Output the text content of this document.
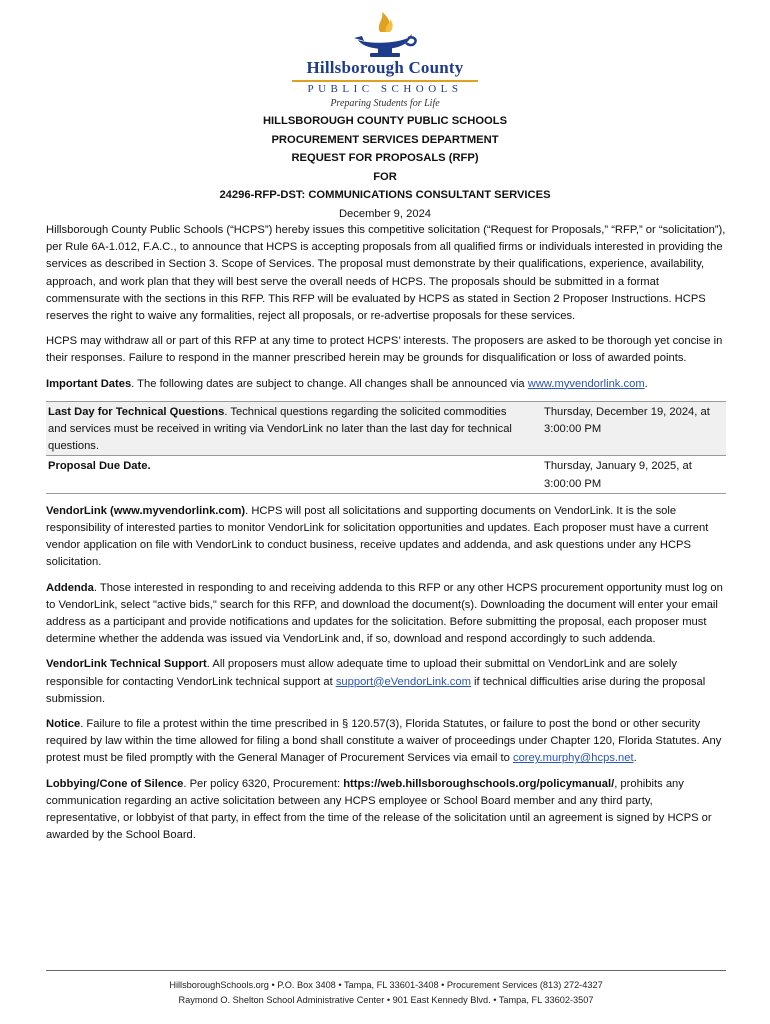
Hillsborough County
PUBLIC SCHOOLS
Preparing Students for Life
HILLSBOROUGH COUNTY PUBLIC SCHOOLS
PROCUREMENT SERVICES DEPARTMENT
REQUEST FOR PROPOSALS (RFP)
FOR
24296-RFP-DST: COMMUNICATIONS CONSULTANT SERVICES
December 9, 2024

Hillsborough County Public Schools (“HCPS”) hereby issues this competitive solicitation (“Request for Proposals,” “RFP,” or “solicitation”), per Rule 6A-1.012, F.A.C., to announce that HCPS is accepting proposals from all qualified firms or individuals interested in providing the services as described in Section 3. Scope of Services. The proposal must demonstrate by their qualifications, experience, availability, approach, and work plan that they will best serve the overall needs of HCPS. The proposals should be submitted in a format commensurate with the sections in this RFP. This RFP will be evaluated by HCPS as stated in Section 2 Proposer Instructions. HCPS reserves the right to waive any formalities, reject all proposals, or re-advertise proposals for these services.

HCPS may withdraw all or part of this RFP at any time to protect HCPS’ interests. The proposers are asked to be thorough yet concise in their responses. Failure to respond in the manner prescribed herein may be grounds for disqualification or loss of awarded points.

Important Dates. The following dates are subject to change. All changes shall be announced via www.myvendorlink.com.

Last Day for Technical Questions. Technical questions regarding the solicited commodities and services must be received in writing via VendorLink no later than the last day for technical questions.	Thursday, December 19, 2024, at 3:00:00 PM
Proposal Due Date.	Thursday, January 9, 2025, at 3:00:00 PM

VendorLink (www.myvendorlink.com). HCPS will post all solicitations and supporting documents on VendorLink. It is the sole responsibility of interested parties to monitor VendorLink for solicitation opportunities and updates. Each proposer must have a current vendor application on file with VendorLink to conduct business, receive updates and addenda, and ask questions under any HCPS solicitation.

Addenda. Those interested in responding to and receiving addenda to this RFP or any other HCPS procurement opportunity must log on to VendorLink, select "active bids," search for this RFP, and download the document(s). Downloading the document will enter your email address as a participant and provide notifications and updates for the solicitation. Before submitting the proposal, each proposer must determine whether the addenda was issued via VendorLink and, if so, download and respond accordingly to such addenda.

VendorLink Technical Support. All proposers must allow adequate time to upload their submittal on VendorLink and are solely responsible for contacting VendorLink technical support at support@eVendorLink.com if technical difficulties arise during the proposal submission.

Notice. Failure to file a protest within the time prescribed in § 120.57(3), Florida Statutes, or failure to post the bond or other security required by law within the time allowed for filing a bond shall constitute a waiver of proceedings under Chapter 120, Florida Statutes. Any protest must be filed promptly with the General Manager of Procurement Services via email to corey.murphy@hcps.net.

Lobbying/Cone of Silence. Per policy 6320, Procurement: https://web.hillsboroughschools.org/policymanual/, prohibits any communication regarding an active solicitation between any HCPS employee or School Board member and any third party, representative, or lobbyist of that party, in effect from the time of the release of the solicitation until an agreement is signed by HCPS or awarded by the School Board.

HillsboroughSchools.org • P.O. Box 3408 • Tampa, FL 33601-3408 • Procurement Services (813) 272-4327
Raymond O. Shelton School Administrative Center • 901 East Kennedy Blvd. • Tampa, FL 33602-3507
